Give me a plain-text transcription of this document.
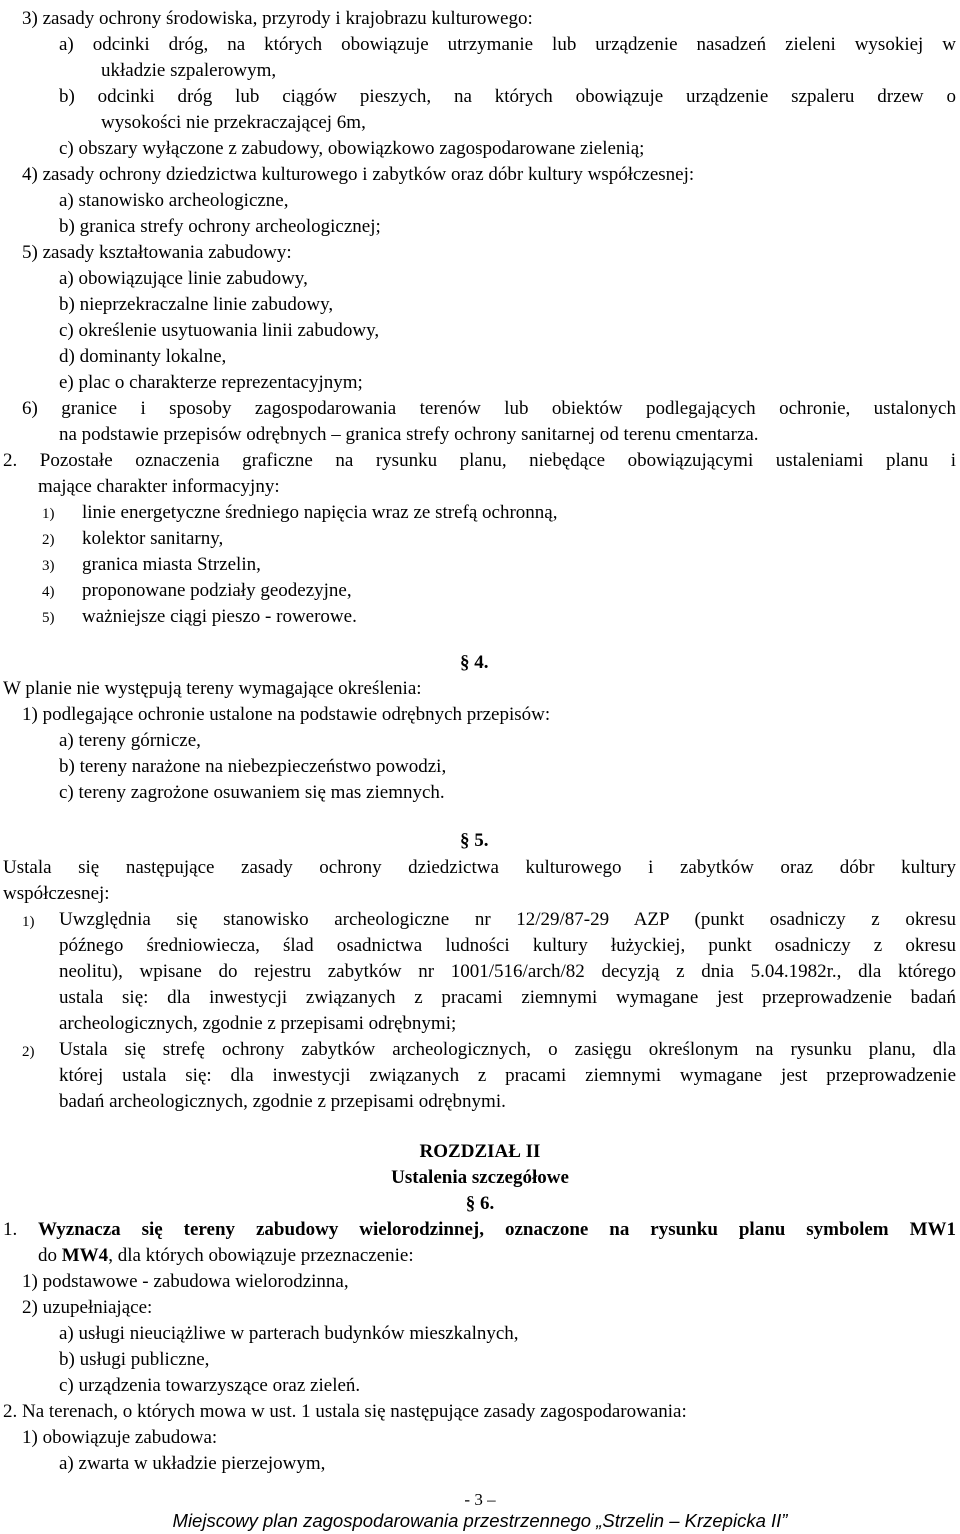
3) zasady ochrony środowiska, przyrody i krajobrazu kulturowego:
a) odcinki dróg, na których obowiązuje utrzymanie lub urządzenie nasadzeń zieleni wysokiej w
układzie szpalerowym,
b) odcinki dróg lub ciągów pieszych, na których obowiązuje urządzenie szpaleru drzew o
wysokości nie przekraczającej 6m,
c) obszary wyłączone z zabudowy, obowiązkowo zagospodarowane zielenią;
4) zasady ochrony dziedzictwa kulturowego i zabytków oraz dóbr kultury współczesnej:
a) stanowisko archeologiczne,
b) granica strefy ochrony archeologicznej;
5) zasady kształtowania zabudowy:
a) obowiązujące linie zabudowy,
b) nieprzekraczalne linie zabudowy,
c) określenie usytuowania linii zabudowy,
d) dominanty lokalne,
e) plac o charakterze reprezentacyjnym;
6) granice i sposoby zagospodarowania terenów lub obiektów podlegających ochronie, ustalonych
na podstawie przepisów odrębnych – granica strefy ochrony sanitarnej od terenu cmentarza.
2. Pozostałe oznaczenia graficzne na rysunku planu, niebędące obowiązującymi ustaleniami planu i
mające charakter informacyjny:
1) linie energetyczne średniego napięcia wraz ze strefą ochronną,
2) kolektor sanitarny,
3) granica miasta Strzelin,
4) proponowane podziały geodezyjne,
5) ważniejsze ciągi pieszo - rowerowe.
§ 4.
W planie nie występują tereny wymagające określenia:
1) podlegające ochronie ustalone na podstawie odrębnych przepisów:
a) tereny górnicze,
b) tereny narażone na niebezpieczeństwo powodzi,
c) tereny zagrożone osuwaniem się mas ziemnych.
§ 5.
Ustala się następujące zasady ochrony dziedzictwa kulturowego i zabytków oraz dóbr kultury
współczesnej:
1) Uwzględnia się stanowisko archeologiczne nr 12/29/87-29 AZP (punkt osadniczy z okresu
późnego średniowiecza, ślad osadnictwa ludności kultury łużyckiej, punkt osadniczy z okresu
neolitu), wpisane do rejestru zabytków nr 1001/516/arch/82 decyzją z dnia 5.04.1982r., dla którego
ustala się: dla inwestycji związanych z pracami ziemnymi wymagane jest przeprowadzenie badań
archeologicznych, zgodnie z przepisami odrębnymi;
2) Ustala się strefę ochrony zabytków archeologicznych, o zasięgu określonym na rysunku planu, dla
której ustala się: dla inwestycji związanych z pracami ziemnymi wymagane jest przeprowadzenie
badań archeologicznych, zgodnie z przepisami odrębnymi.
ROZDZIAŁ II
Ustalenia szczegółowe
§ 6.
1. Wyznacza się tereny zabudowy wielorodzinnej, oznaczone na rysunku planu symbolem MW1
do MW4, dla których obowiązuje przeznaczenie:
1) podstawowe - zabudowa wielorodzinna,
2) uzupełniające:
a) usługi nieuciążliwe w parterach budynków mieszkalnych,
b) usługi publiczne,
c) urządzenia towarzyszące oraz zieleń.
2. Na terenach, o których mowa w ust. 1 ustala się następujące zasady zagospodarowania:
1) obowiązuje zabudowa:
a) zwarta w układzie pierzejowym,
- 3 –
Miejscowy plan zagospodarowania przestrzennego „Strzelin – Krzepicka II”
